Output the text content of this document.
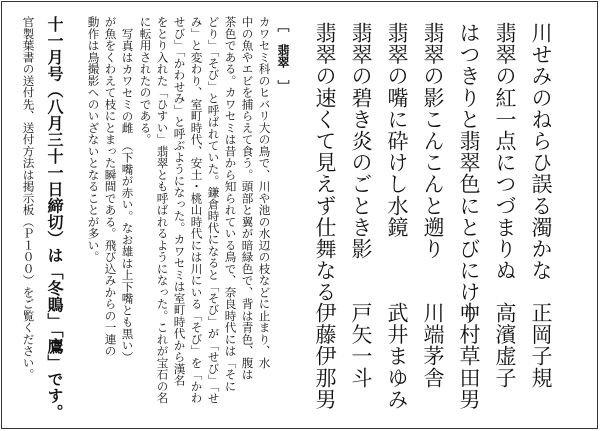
川せみのねらひ誤る濁かな
正岡子規
翡翠の紅一点につづまりぬ
高濱虚子
はつきりと翡翠色にとびにけり
中村草田男
翡翠の影こんこんと遡り
川端茅舎
翡翠の嘴に砕けし水鏡
武井まゆみ
翡翠の碧き炎のごとき影
戸矢一斗
翡翠の速くて見えず仕舞なる
伊藤伊那男
［　翡翠　］
カワセミ科のヒバリ大の鳥で、川や池の水辺の枝などに止まり、水
中の魚やエビを捕らえて食う。頭部と翼が暗緑色で、背は青色、腹は
茶色である。カワセミは昔から知られている鳥で、奈良時代には「そに
どり」「そび」と呼ばれていた。鎌倉時代になると「そび」が「せび」「せ
み」と変わり、室町時代、安土・桃山時代には川にいる「そび」を「かわ
せび」「かわせみ」と呼ぶようになった。カワセミは室町時代から漢名
をとり入れた「ひすい」翡翠とも呼ばれるようになった。これが宝石の名
に転用されたのである。
写真はカワセミの雌　（下嘴が赤い。なお雄は上下嘴とも黒い）
が魚をくわえて枝にとまった瞬間である。飛び込みからの一連の
動作は鳥撮影へのいざないとなることが多い。
十一月号（八月三十一日締切）は「冬鵙」「鷹」です。
官製葉書の送付先、送付方法は掲示板（Ｐ１００）をご覧ください。
